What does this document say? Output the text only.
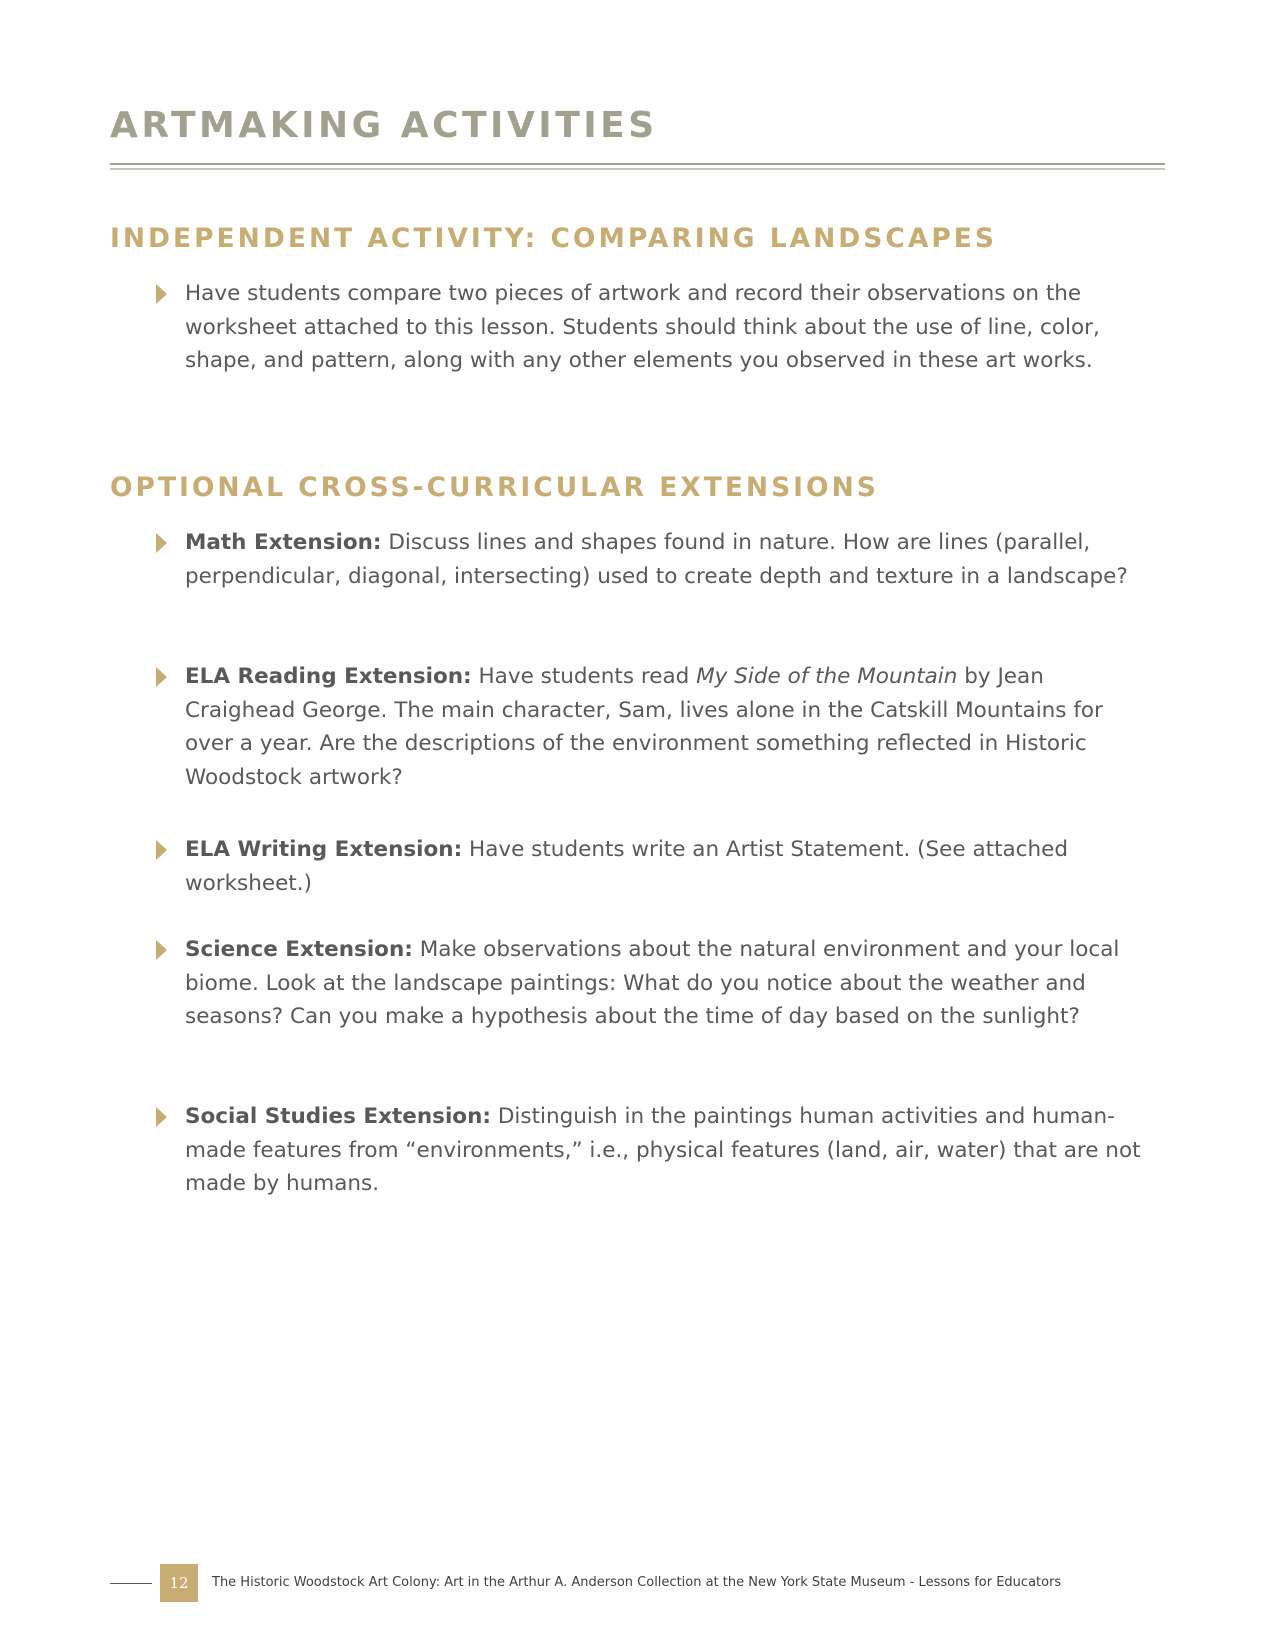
ARTMAKING ACTIVITIES
INDEPENDENT ACTIVITY: COMPARING LANDSCAPES

Have students compare two pieces of artwork and record their observations on the worksheet attached to this lesson. Students should think about the use of line, color, shape, and pattern, along with any other elements you observed in these art works.

OPTIONAL CROSS-CURRICULAR EXTENSIONS

Math Extension: Discuss lines and shapes found in nature. How are lines (parallel, perpendicular, diagonal, intersecting) used to create depth and texture in a landscape?

ELA Reading Extension: Have students read My Side of the Mountain by Jean Craighead George. The main character, Sam, lives alone in the Catskill Mountains for over a year. Are the descriptions of the environment something reflected in Historic Woodstock artwork?

ELA Writing Extension: Have students write an Artist Statement. (See attached worksheet.)

Science Extension: Make observations about the natural environment and your local biome. Look at the landscape paintings: What do you notice about the weather and seasons? Can you make a hypothesis about the time of day based on the sunlight?

Social Studies Extension: Distinguish in the paintings human activities and human-made features from “environments,” i.e., physical features (land, air, water) that are not made by humans.

12	The Historic Woodstock Art Colony: Art in the Arthur A. Anderson Collection at the New York State Museum - Lessons for Educators
